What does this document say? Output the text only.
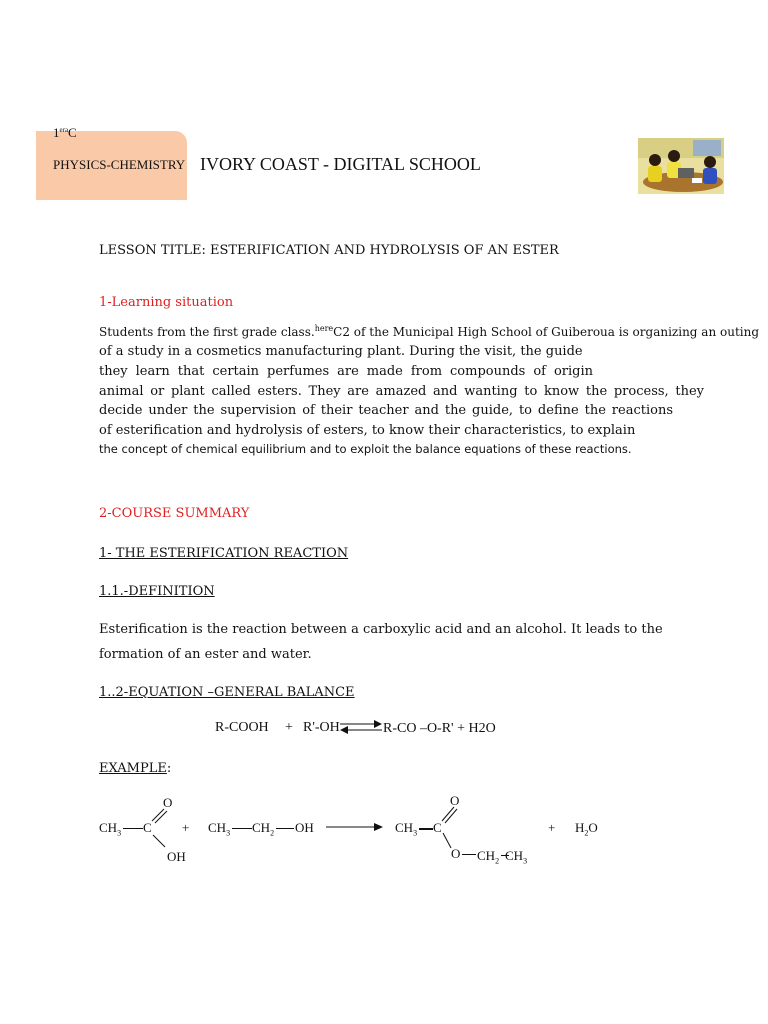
$1^{era}C$
PHYSICS-CHEMISTRY IVORY COAST - DIGITAL SCHOOL
LESSON TITLE: ESTERIFICATION AND HYDROLYSIS OF AN ESTER
1-Learning situation
Students from the first grade class.$^{here}$C2 of the Municipal High School of Guiberoua is organizing an outing
of a study in a cosmetics manufacturing plant. During the visit, the guide
they learn that certain perfumes are made from compounds of origin
animal or plant called esters. They are amazed and wanting to know the process, they
decide under the supervision of their teacher and the guide, to define the reactions
of esterification and hydrolysis of esters, to know their characteristics, to explain
the concept of chemical equilibrium and to exploit the balance equations of these reactions.
2-COURSE SUMMARY
1- THE ESTERIFICATION REACTION
1.1.-DEFINITION
Esterification is the reaction between a carboxylic acid and an alcohol. It leads to the
formation of an ester and water.
1..2-EQUATION –GENERAL BALANCE
R-COOH + R'-OH ⇌ R-CO –O-R' + H2O
EXAMPLE:
$CH_3$ C
O
OH
+ $CH_3$ $CH_2$ OH → $CH_3$ C
O
O $CH_2$ $CH_3$
+ $H_2O$
